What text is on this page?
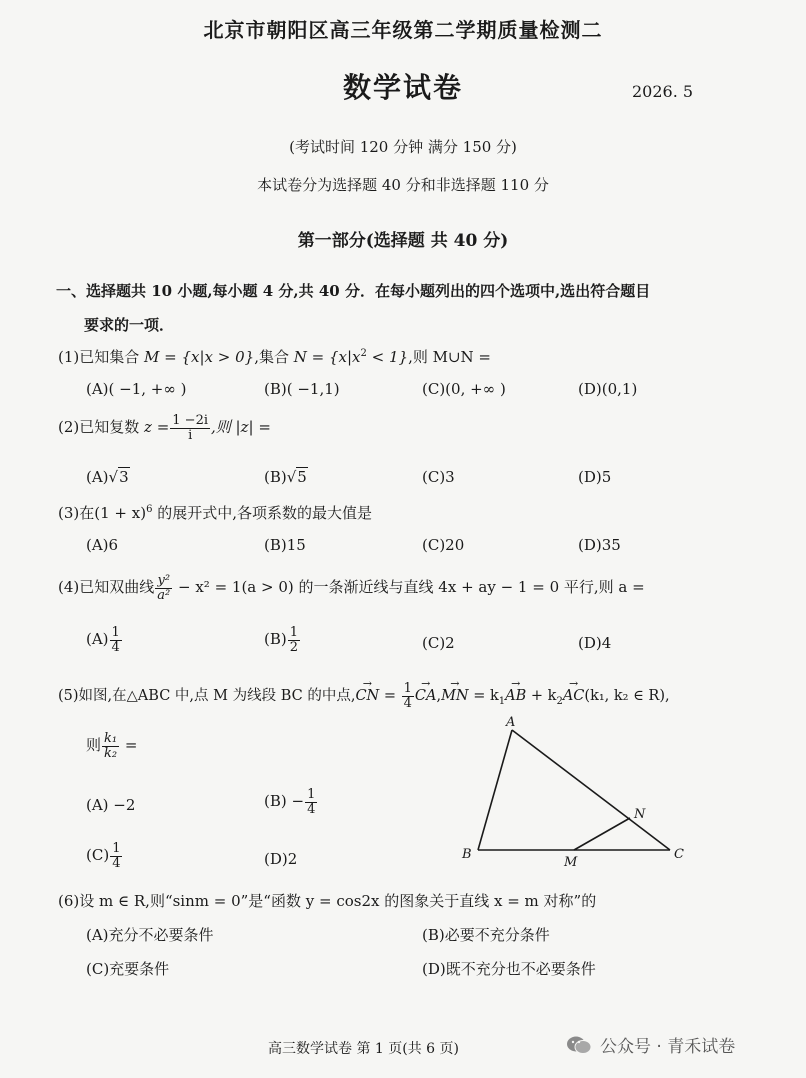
北京市朝阳区高三年级第二学期质量检测二
数学试卷	2026. 5
(考试时间 120 分钟 满分 150 分)
本试卷分为选择题 40 分和非选择题 110 分
第一部分(选择题 共 40 分)
一、选择题共 10 小题,每小题 4 分,共 40 分．在每小题列出的四个选项中,选出符合题目
要求的一项．
(1)已知集合 M = {x|x > 0},集合 $N = \{x|x^2 < 1\}$,则 M∪N =
(A)( −1, +∞ )	(B)( −1,1)	(C)(0, +∞ )	(D)(0,1)
(2)已知复数 $z = \frac{1 -2i}{i}$ ,则 |z| =
(A)√3	(B)√5	(C)3	(D)5
(3)在$(1 + x)^6$ 的展开式中,各项系数的最大值是
(A)6	(B)15	(C)20	(D)35
(4)已知双曲线 $\frac{\text{y²}}{\text{a²}} - x^2 = 1(a > 0)$ 的一条渐近线与直线 4x + ay − 1 = 0 平行,则 a =
$(A) \frac{1}{4}$	$(B) \frac{1}{2}$	(C)2	(D)4
(5)如图,在△ABC 中,点 M 为线段 BC 的中点,→ CN = $\frac{1}{4}$
→ CA,→ MN = $k_1\to$ AB + $k_2\to AC(k_1$, k₂ ∈ R),
则 $\frac{\text{k₁}}{\text{k₂}}$ =
(A) −2	$(B) - \frac{1}{4}$
$(C) \frac{1}{4}$	(D)2
A
B	C
M
N
(6)设 m ∈ R,则“sinm = 0”是“函数 y = cos2x 的图象关于直线 x = m 对称”的
(A)充分不必要条件	(B)必要不充分条件
(C)充要条件	(D)既不充分也不必要条件
高三数学试卷 第 1 页(共 6 页)	公众号 · 青禾试卷
